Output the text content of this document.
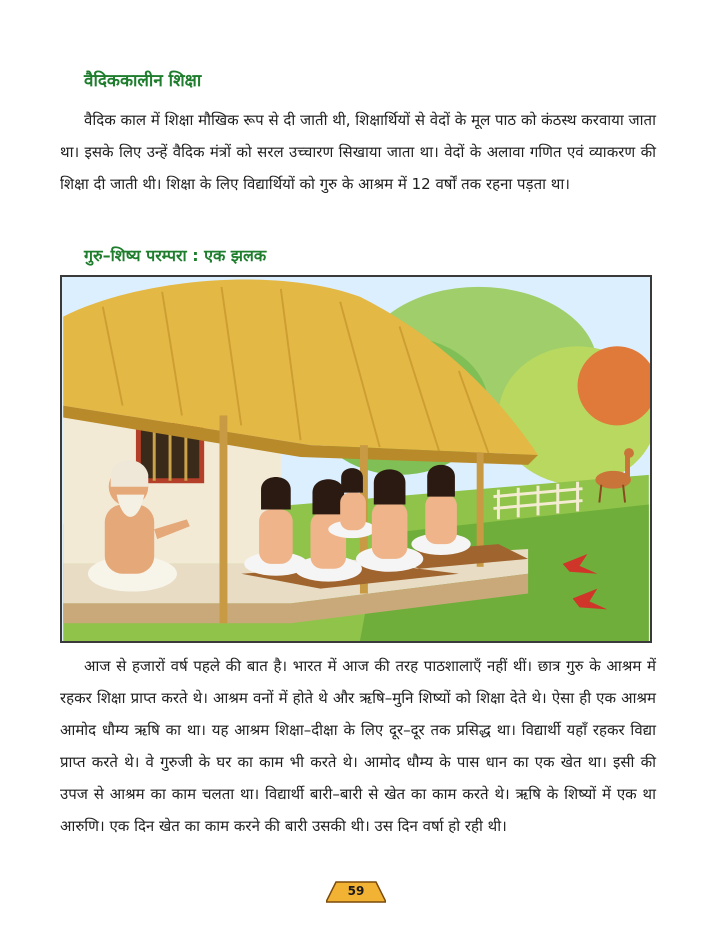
वैदिककालीन शिक्षा

वैदिक काल में शिक्षा मौखिक रूप से दी जाती थी, शिक्षार्थियों से वेदों के मूल पाठ को कंठस्थ करवाया जाता था। इसके लिए उन्हें वैदिक मंत्रों को सरल उच्चारण सिखाया जाता था। वेदों के अलावा गणित एवं व्याकरण की शिक्षा दी जाती थी। शिक्षा के लिए विद्यार्थियों को गुरु के आश्रम में 12 वर्षों तक रहना पड़ता था।

गुरु–शिष्य परम्परा : एक झलक

आज से हजारों वर्ष पहले की बात है। भारत में आज की तरह पाठशालाएँ नहीं थीं। छात्र गुरु के आश्रम में रहकर शिक्षा प्राप्त करते थे। आश्रम वनों में होते थे और ऋषि–मुनि शिष्यों को शिक्षा देते थे। ऐसा ही एक आश्रम आमोद धौम्य ऋषि का था। यह आश्रम शिक्षा–दीक्षा के लिए दूर–दूर तक प्रसिद्ध था। विद्यार्थी यहाँ रहकर विद्या प्राप्त करते थे। वे गुरुजी के घर का काम भी करते थे। आमोद धौम्य के पास धान का एक खेत था। इसी की उपज से आश्रम का काम चलता था। विद्यार्थी बारी–बारी से खेत का काम करते थे। ऋषि के शिष्यों में एक था आरुणि। एक दिन खेत का काम करने की बारी उसकी थी। उस दिन वर्षा हो रही थी।

59
